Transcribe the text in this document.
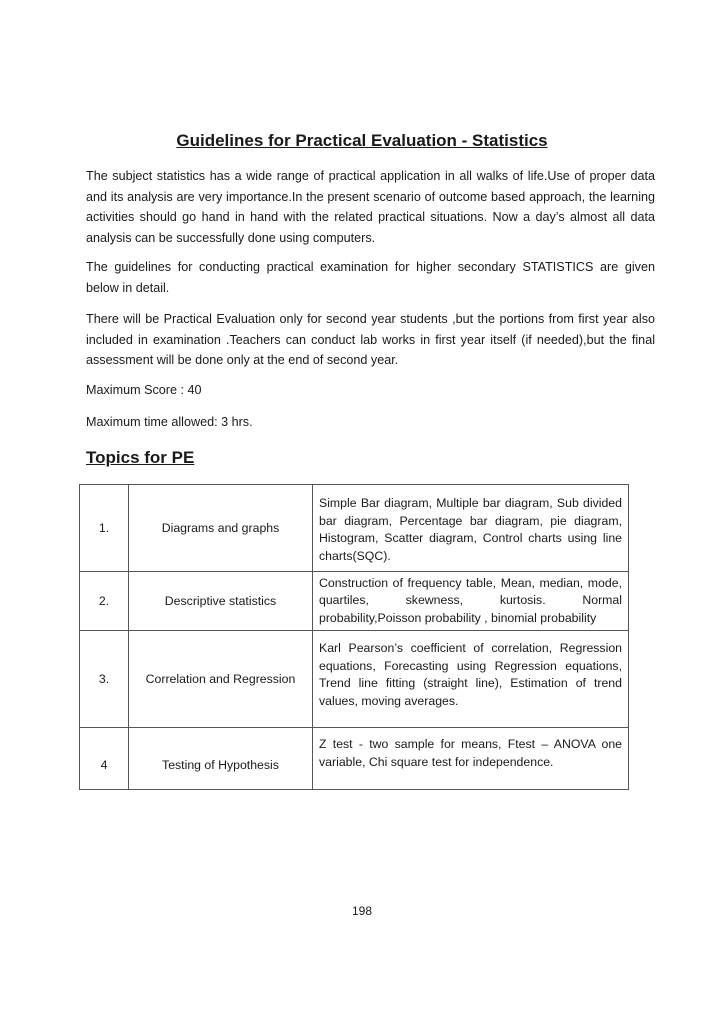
Guidelines for Practical Evaluation - Statistics

The subject statistics has a wide range of practical application in all walks of life.Use of proper data and its analysis are very importance.In the present scenario of outcome based approach, the learning activities should go hand in hand with the related practical situations. Now a day’s almost all data analysis can be successfully done using computers.

The guidelines for conducting practical examination for higher secondary STATISTICS are given below in detail.

There will be Practical Evaluation only for second year students ,but the portions from first year also included in examination .Teachers can conduct lab works in first year itself (if needed),but the final assessment will be done only at the end of second year.

Maximum Score : 40

Maximum time allowed: 3 hrs.

Topics for PE
1.	Diagrams and graphs	Simple Bar diagram, Multiple bar diagram, Sub divided bar diagram, Percentage bar diagram, pie diagram, Histogram, Scatter diagram, Control charts using line charts(SQC).
2.	Descriptive statistics	Construction of frequency table, Mean, median, mode, quartiles, skewness, kurtosis. Normal probability,Poisson probability , binomial probability
3.	Correlation and Regression	Karl Pearson’s coefficient of correlation, Regression equations, Forecasting using Regression equations, Trend line fitting (straight line), Estimation of trend values, moving averages.
4	Testing of Hypothesis	Z test - two sample for means, Ftest – ANOVA one variable, Chi square test for independence.

198
